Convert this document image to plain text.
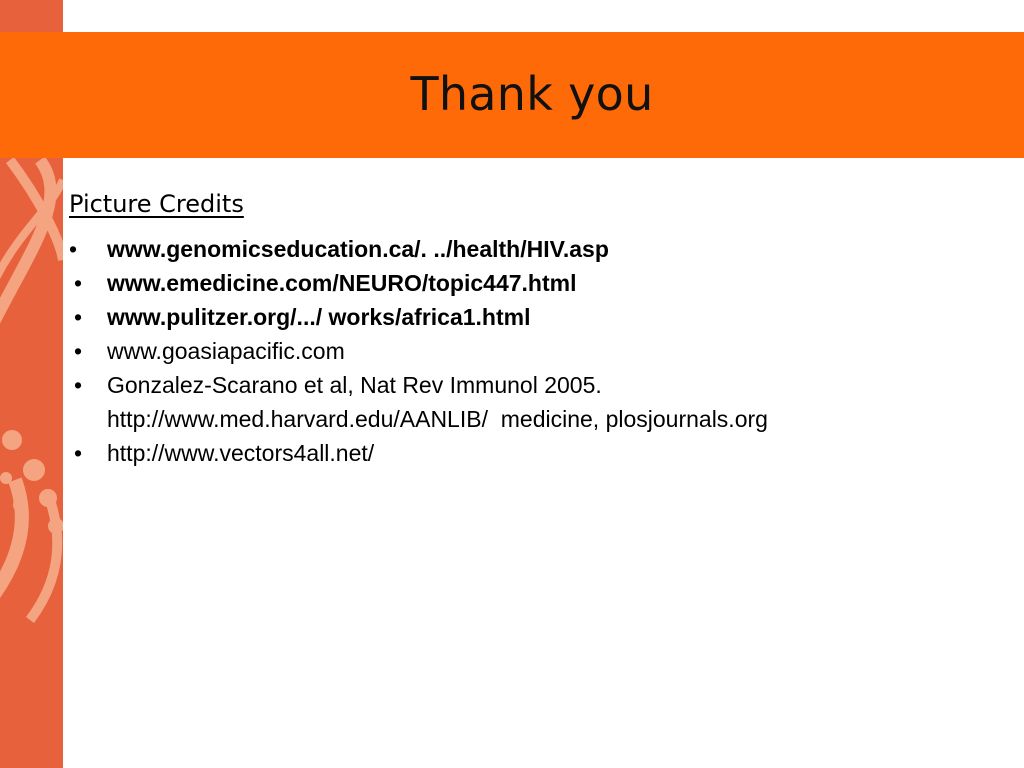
Thank you
Picture Credits
• www.genomicseducation.ca/. ../health/HIV.asp
• www.emedicine.com/NEURO/topic447.html
• www.pulitzer.org/.../ works/africa1.html
• www.goasiapacific.com
• Gonzalez-Scarano et al, Nat Rev Immunol 2005.
http://www.med.harvard.edu/AANLIB/  medicine, plosjournals.org
• http://www.vectors4all.net/
